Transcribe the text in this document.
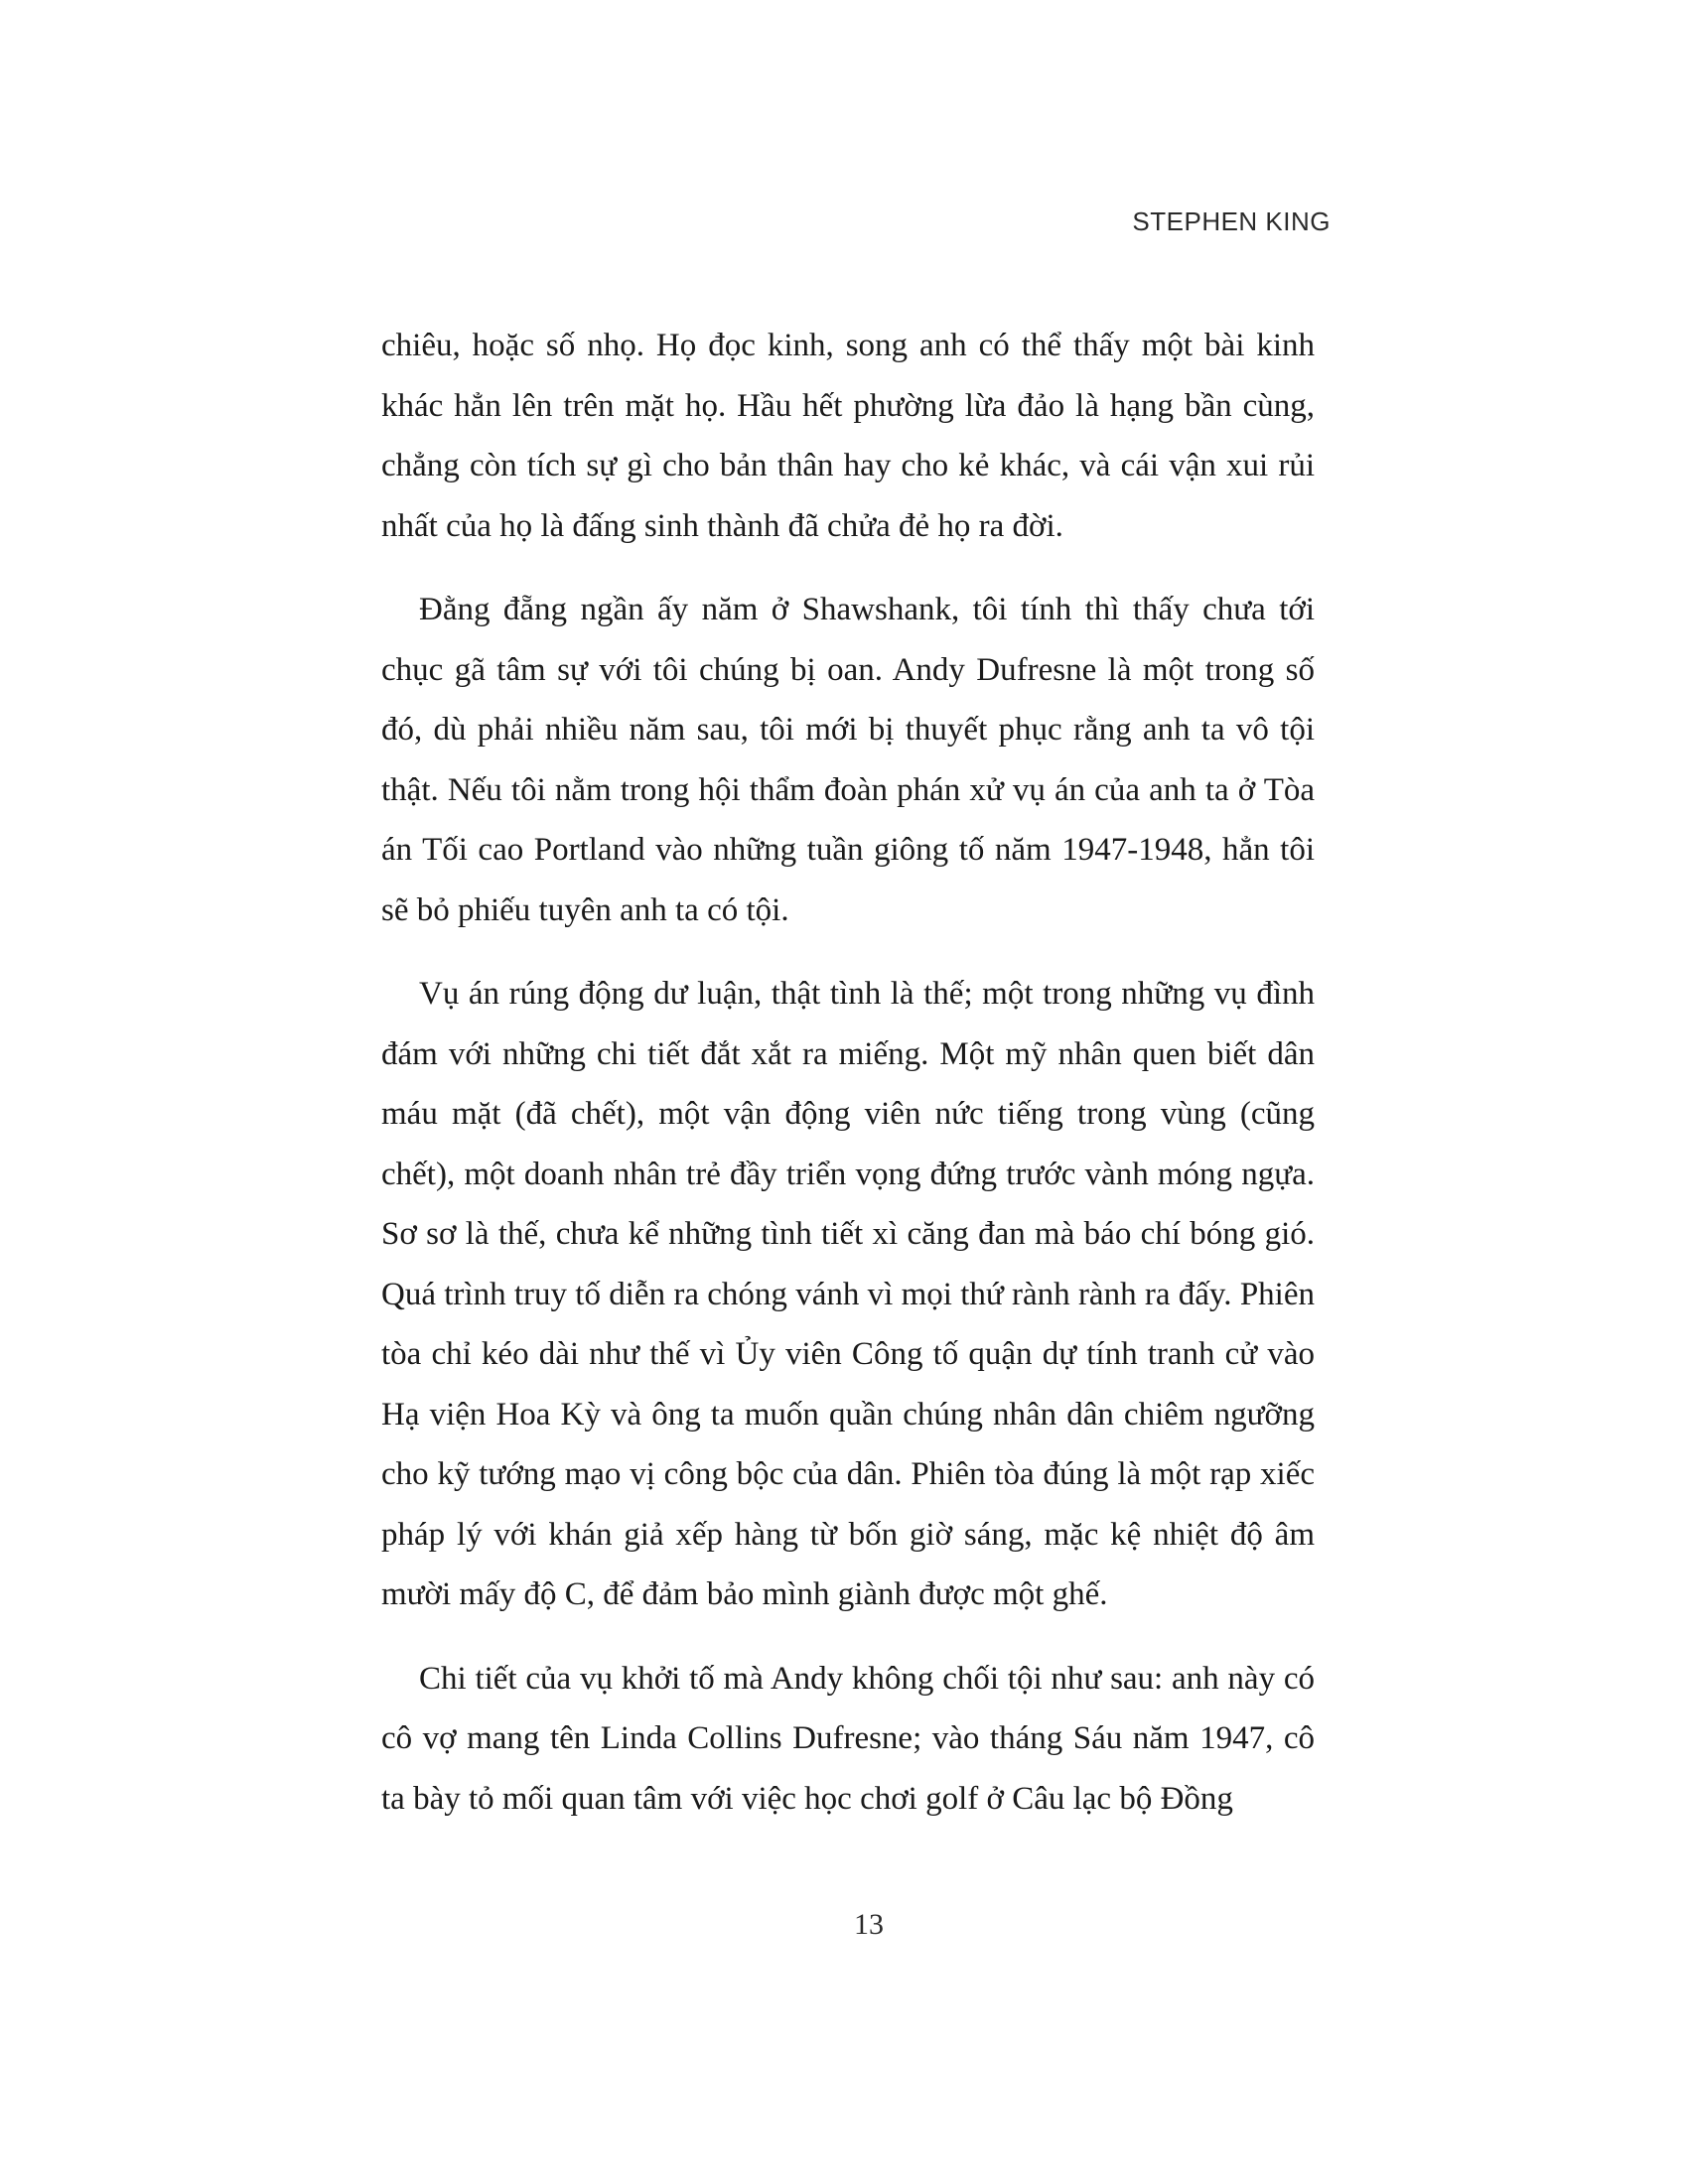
STEPHEN KING

chiêu, hoặc số nhọ. Họ đọc kinh, song anh có thể thấy một bài kinh khác hẳn lên trên mặt họ. Hầu hết phường lừa đảo là hạng bần cùng, chẳng còn tích sự gì cho bản thân hay cho kẻ khác, và cái vận xui rủi nhất của họ là đấng sinh thành đã chửa đẻ họ ra đời.

Đằng đẵng ngần ấy năm ở Shawshank, tôi tính thì thấy chưa tới chục gã tâm sự với tôi chúng bị oan. Andy Dufresne là một trong số đó, dù phải nhiều năm sau, tôi mới bị thuyết phục rằng anh ta vô tội thật. Nếu tôi nằm trong hội thẩm đoàn phán xử vụ án của anh ta ở Tòa án Tối cao Portland vào những tuần giông tố năm 1947-1948, hẳn tôi sẽ bỏ phiếu tuyên anh ta có tội.

Vụ án rúng động dư luận, thật tình là thế; một trong những vụ đình đám với những chi tiết đắt xắt ra miếng. Một mỹ nhân quen biết dân máu mặt (đã chết), một vận động viên nức tiếng trong vùng (cũng chết), một doanh nhân trẻ đầy triển vọng đứng trước vành móng ngựa. Sơ sơ là thế, chưa kể những tình tiết xì căng đan mà báo chí bóng gió. Quá trình truy tố diễn ra chóng vánh vì mọi thứ rành rành ra đấy. Phiên tòa chỉ kéo dài như thế vì Ủy viên Công tố quận dự tính tranh cử vào Hạ viện Hoa Kỳ và ông ta muốn quần chúng nhân dân chiêm ngưỡng cho kỹ tướng mạo vị công bộc của dân. Phiên tòa đúng là một rạp xiếc pháp lý với khán giả xếp hàng từ bốn giờ sáng, mặc kệ nhiệt độ âm mười mấy độ C, để đảm bảo mình giành được một ghế.

Chi tiết của vụ khởi tố mà Andy không chối tội như sau: anh này có cô vợ mang tên Linda Collins Dufresne; vào tháng Sáu năm 1947, cô ta bày tỏ mối quan tâm với việc học chơi golf ở Câu lạc bộ Đồng

13
